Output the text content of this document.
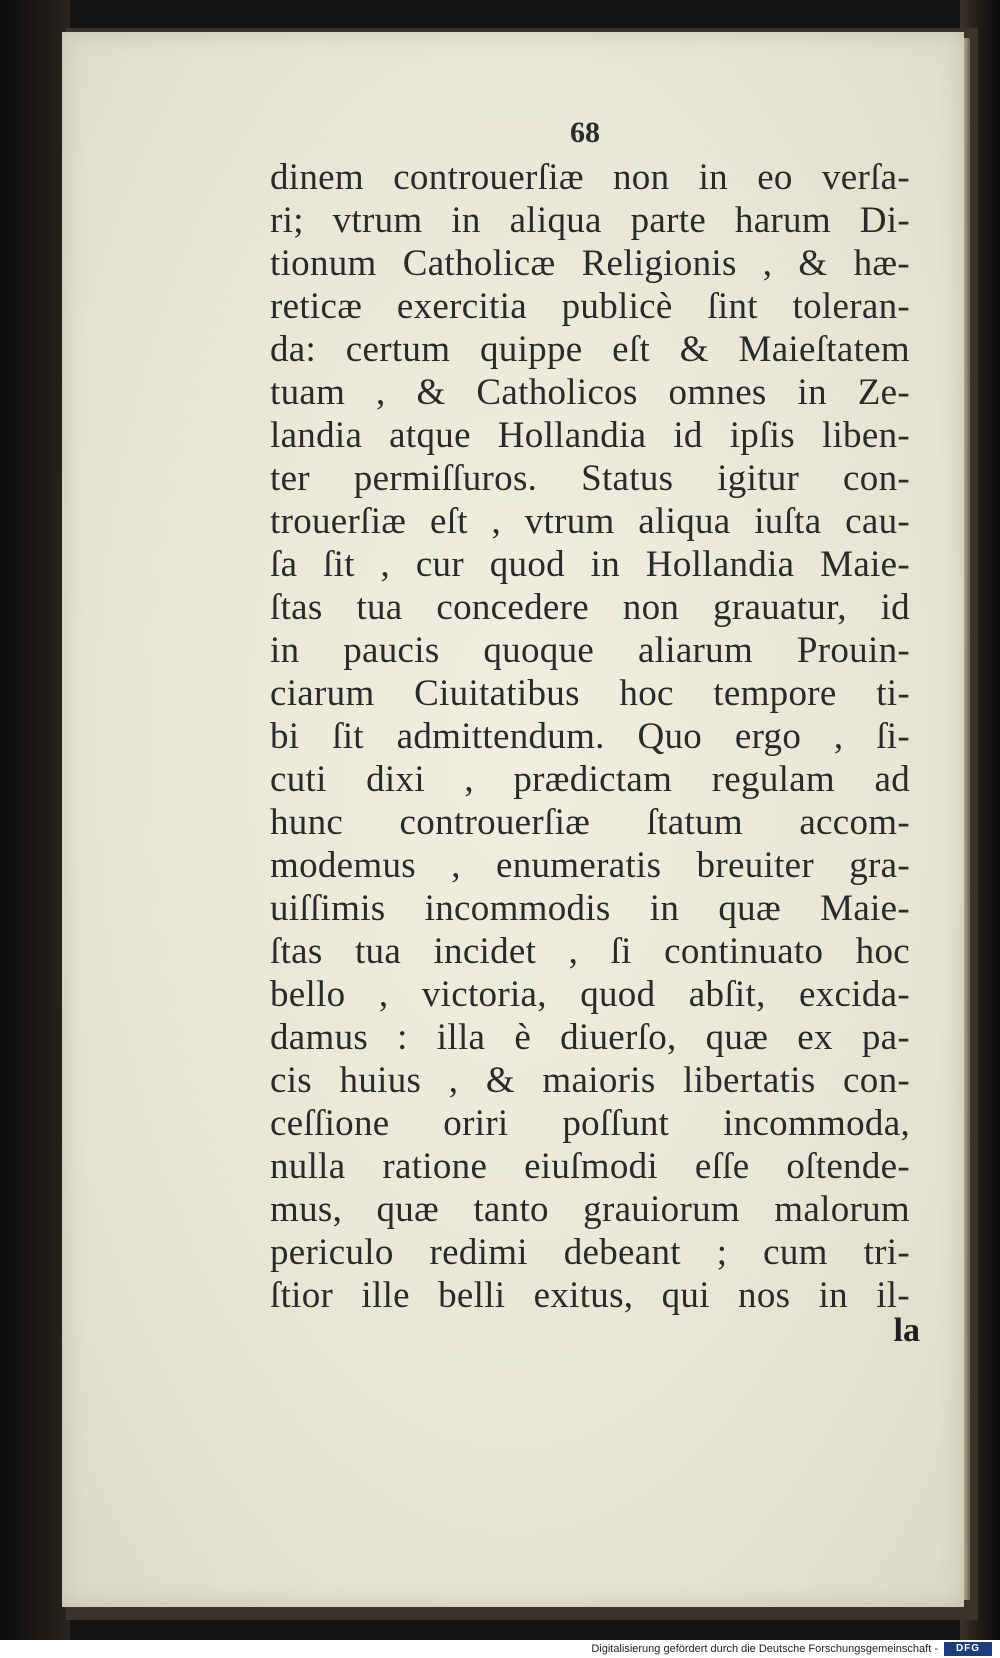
68
dinem controuerſiæ non in eo verſa-
ri; vtrum in aliqua parte harum Di-
tionum Catholicæ Religionis , & hæ-
reticæ exercitia publicè ſint toleran-
da: certum quippe eſt & Maieſtatem
tuam , & Catholicos omnes in Ze-
landia atque Hollandia id ipſis liben-
ter permiſſuros. Status igitur con-
trouerſiæ eſt , vtrum aliqua iuſta cau-
ſa ſit , cur quod in Hollandia Maie-
ſtas tua concedere non grauatur, id
in paucis quoque aliarum Prouin-
ciarum Ciuitatibus hoc tempore ti-
bi ſit admittendum. Quo ergo , ſi-
cuti dixi , prædictam regulam ad
hunc controuerſiæ ſtatum accom-
modemus , enumeratis breuiter gra-
uiſſimis incommodis in quæ Maie-
ſtas tua incidet , ſi continuato hoc
bello , victoria, quod abſit, excida-
damus : illa è diuerſo, quæ ex pa-
cis huius , & maioris libertatis con-
ceſſione oriri poſſunt incommoda,
nulla ratione eiuſmodi eſſe oſtende-
mus, quæ tanto grauiorum malorum
periculo redimi debeant ; cum tri-
ſtior ille belli exitus, qui nos in il-
la
Digitalisierung gefördert durch die Deutsche Forschungsgemeinschaft -	DFG
